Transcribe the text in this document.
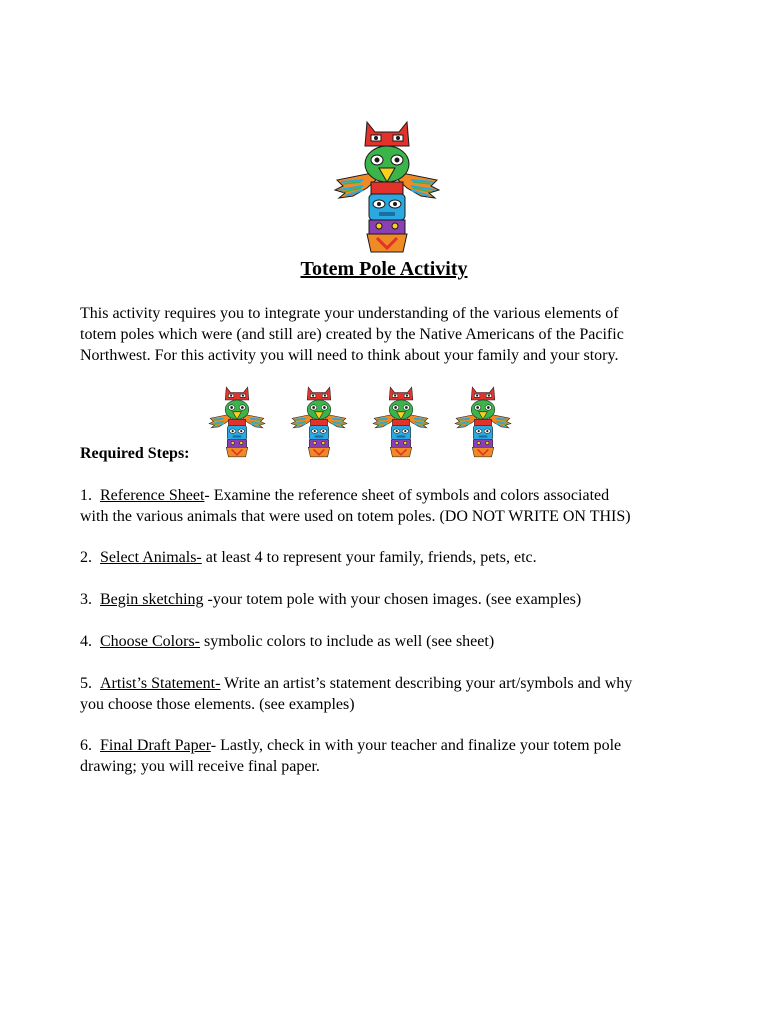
Totem Pole Activity
This activity requires you to integrate your understanding of the various elements of
totem poles which were (and still are) created by the Native Americans of the Pacific
Northwest. For this activity you will need to think about your family and your story.
Required Steps:
1. Reference Sheet- Examine the reference sheet of symbols and colors associated
with the various animals that were used on totem poles. (DO NOT WRITE ON THIS)
2. Select Animals- at least 4 to represent your family, friends, pets, etc.
3. Begin sketching -your totem pole with your chosen images. (see examples)
4. Choose Colors- symbolic colors to include as well (see sheet)
5. Artist’s Statement- Write an artist’s statement describing your art/symbols and why
you choose those elements. (see examples)
6. Final Draft Paper- Lastly, check in with your teacher and finalize your totem pole
drawing; you will receive final paper.
